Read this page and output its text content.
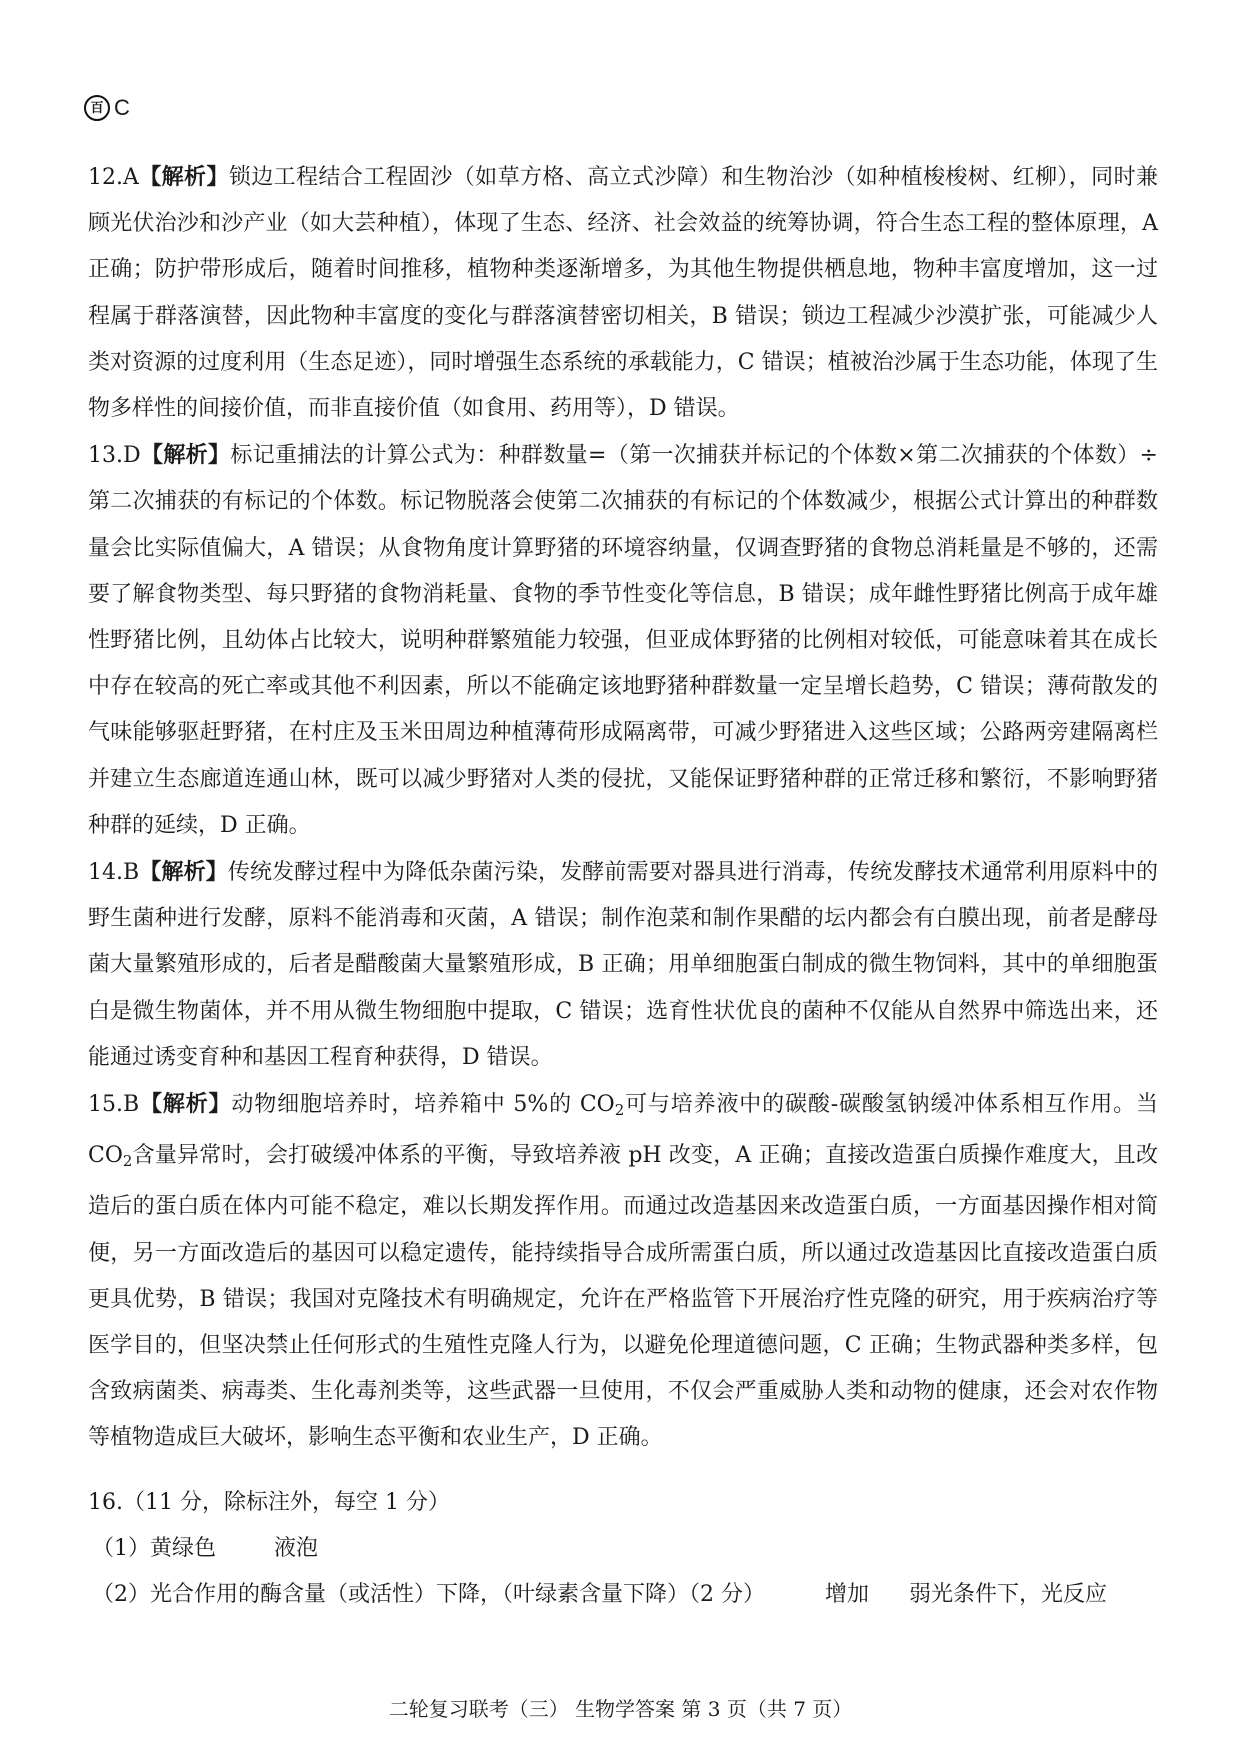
百 C

12.A【解析】锁边工程结合工程固沙（如草方格、高立式沙障）和生物治沙（如种植梭梭树、红柳），同时兼顾光伏治沙和沙产业（如大芸种植），体现了生态、经济、社会效益的统筹协调，符合生态工程的整体原理，A 正确；防护带形成后，随着时间推移，植物种类逐渐增多，为其他生物提供栖息地，物种丰富度增加，这一过程属于群落演替，因此物种丰富度的变化与群落演替密切相关，B 错误；锁边工程减少沙漠扩张，可能减少人类对资源的过度利用（生态足迹），同时增强生态系统的承载能力，C 错误；植被治沙属于生态功能，体现了生物多样性的间接价值，而非直接价值（如食用、药用等），D 错误。

13.D【解析】标记重捕法的计算公式为：种群数量=（第一次捕获并标记的个体数×第二次捕获的个体数）÷第二次捕获的有标记的个体数。标记物脱落会使第二次捕获的有标记的个体数减少，根据公式计算出的种群数量会比实际值偏大，A 错误；从食物角度计算野猪的环境容纳量，仅调查野猪的食物总消耗量是不够的，还需要了解食物类型、每只野猪的食物消耗量、食物的季节性变化等信息，B 错误；成年雌性野猪比例高于成年雄性野猪比例，且幼体占比较大，说明种群繁殖能力较强，但亚成体野猪的比例相对较低，可能意味着其在成长中存在较高的死亡率或其他不利因素，所以不能确定该地野猪种群数量一定呈增长趋势，C 错误；薄荷散发的气味能够驱赶野猪，在村庄及玉米田周边种植薄荷形成隔离带，可减少野猪进入这些区域；公路两旁建隔离栏并建立生态廊道连通山林，既可以减少野猪对人类的侵扰，又能保证野猪种群的正常迁移和繁衍，不影响野猪种群的延续，D 正确。

14.B【解析】传统发酵过程中为降低杂菌污染，发酵前需要对器具进行消毒，传统发酵技术通常利用原料中的野生菌种进行发酵，原料不能消毒和灭菌，A 错误；制作泡菜和制作果醋的坛内都会有白膜出现，前者是酵母菌大量繁殖形成的，后者是醋酸菌大量繁殖形成，B 正确；用单细胞蛋白制成的微生物饲料，其中的单细胞蛋白是微生物菌体，并不用从微生物细胞中提取，C 错误；选育性状优良的菌种不仅能从自然界中筛选出来，还能通过诱变育种和基因工程育种获得，D 错误。

15.B【解析】动物细胞培养时，培养箱中 5%的 $CO_2$可与培养液中的碳酸-碳酸氢钠缓冲体系相互作用。当 $CO_2$含量异常时，会打破缓冲体系的平衡，导致培养液 pH 改变，A 正确；直接改造蛋白质操作难度大，且改造后的蛋白质在体内可能不稳定，难以长期发挥作用。而通过改造基因来改造蛋白质，一方面基因操作相对简便，另一方面改造后的基因可以稳定遗传，能持续指导合成所需蛋白质，所以通过改造基因比直接改造蛋白质更具优势，B 错误；我国对克隆技术有明确规定，允许在严格监管下开展治疗性克隆的研究，用于疾病治疗等医学目的，但坚决禁止任何形式的生殖性克隆人行为，以避免伦理道德问题，C 正确；生物武器种类多样，包含致病菌类、病毒类、生化毒剂类等，这些武器一旦使用，不仅会严重威胁人类和动物的健康，还会对农作物等植物造成巨大破坏，影响生态平衡和农业生产，D 正确。

16.（11 分，除标注外，每空 1 分）

（1）黄绿色	液泡

（2）光合作用的酶含量（或活性）下降，（叶绿素含量下降）（2 分）	增加 弱光条件下，光反应

二轮复习联考（三） 生物学答案 第 3 页（共 7 页）
